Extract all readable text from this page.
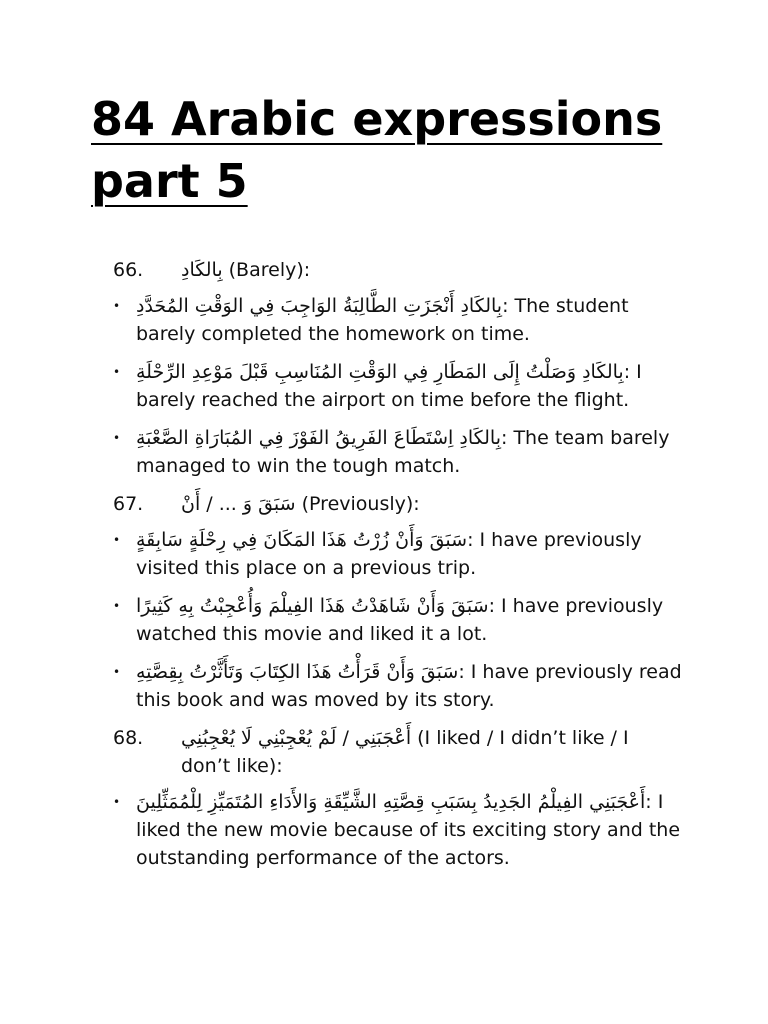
84 Arabic expressions
part 5
66.	بِالكَادِ (Barely):
• بِالكَادِ أَنْجَزَتِ الطَّالِبَةُ الوَاجِبَ فِي الوَقْتِ المُحَدَّدِ: The student barely completed the homework on time.
• بِالكَادِ وَصَلْتُ إِلَى المَطَارِ فِي الوَقْتِ المُنَاسِبِ قَبْلَ مَوْعِدِ الرِّحْلَةِ: I barely reached the airport on time before the flight.
• بِالكَادِ اِسْتَطَاعَ الفَرِيقُ الفَوْزَ فِي المُبَارَاةِ الصَّعْبَةِ: The team barely managed to win the tough match.
67.	سَبَقَ وَ ... / أَنْ (Previously):
• سَبَقَ وَأَنْ زُرْتُ هَذَا المَكَانَ فِي رِحْلَةٍ سَابِقَةٍ: I have previously visited this place on a previous trip.
• سَبَقَ وَأَنْ شَاهَدْتُ هَذَا الفِيلْمَ وَأُعْجِبْتُ بِهِ كَثِيرًا: I have previously watched this movie and liked it a lot.
• سَبَقَ وَأَنْ قَرَأْتُ هَذَا الكِتَابَ وَتَأَثَّرْتُ بِقِصَّتِهِ: I have previously read this book and was moved by its story.
68.	أَعْجَبَنِي / لَمْ يُعْجِبْنِي لَا يُعْجِبُنِي (I liked / I didn’t like / I don’t like):
• أَعْجَبَنِي الفِيلْمُ الجَدِيدُ بِسَبَبِ قِصَّتِهِ الشَّيِّقَةِ وَالأَدَاءِ المُتَمَيِّزِ لِلْمُمَثِّلِينَ: I liked the new movie because of its exciting story and the outstanding performance of the actors.
